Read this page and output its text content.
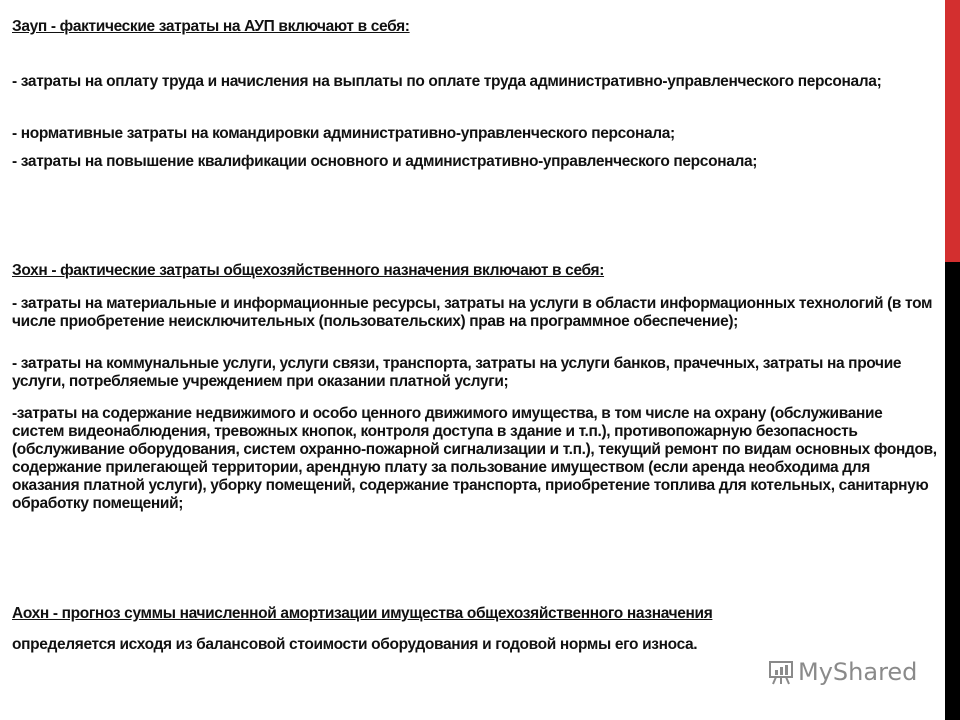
Зауп - фактические затраты на АУП включают в себя:
- затраты на оплату труда и начисления на выплаты по оплате труда административно-управленческого персонала;
- нормативные затраты на командировки административно-управленческого персонала;
- затраты на повышение квалификации основного и административно-управленческого персонала;
Зохн - фактические затраты общехозяйственного назначения включают в себя:
- затраты на материальные и информационные ресурсы, затраты на услуги в области информационных технологий (в том числе приобретение неисключительных (пользовательских) прав на программное обеспечение);
- затраты на коммунальные услуги, услуги связи, транспорта, затраты на услуги банков, прачечных, затраты на прочие услуги, потребляемые учреждением при оказании платной услуги;
-затраты на содержание недвижимого и особо ценного движимого имущества, в том числе на охрану (обслуживание систем видеонаблюдения, тревожных кнопок, контроля доступа в здание и т.п.), противопожарную безопасность (обслуживание оборудования, систем охранно-пожарной сигнализации и т.п.), текущий ремонт по видам основных фондов, содержание прилегающей территории, арендную плату за пользование имуществом (если аренда необходима для оказания платной услуги), уборку помещений, содержание транспорта, приобретение топлива для котельных, санитарную обработку помещений;
Аохн - прогноз суммы начисленной амортизации имущества общехозяйственного назначения
определяется исходя из балансовой стоимости оборудования и годовой нормы его износа.
MyShared
